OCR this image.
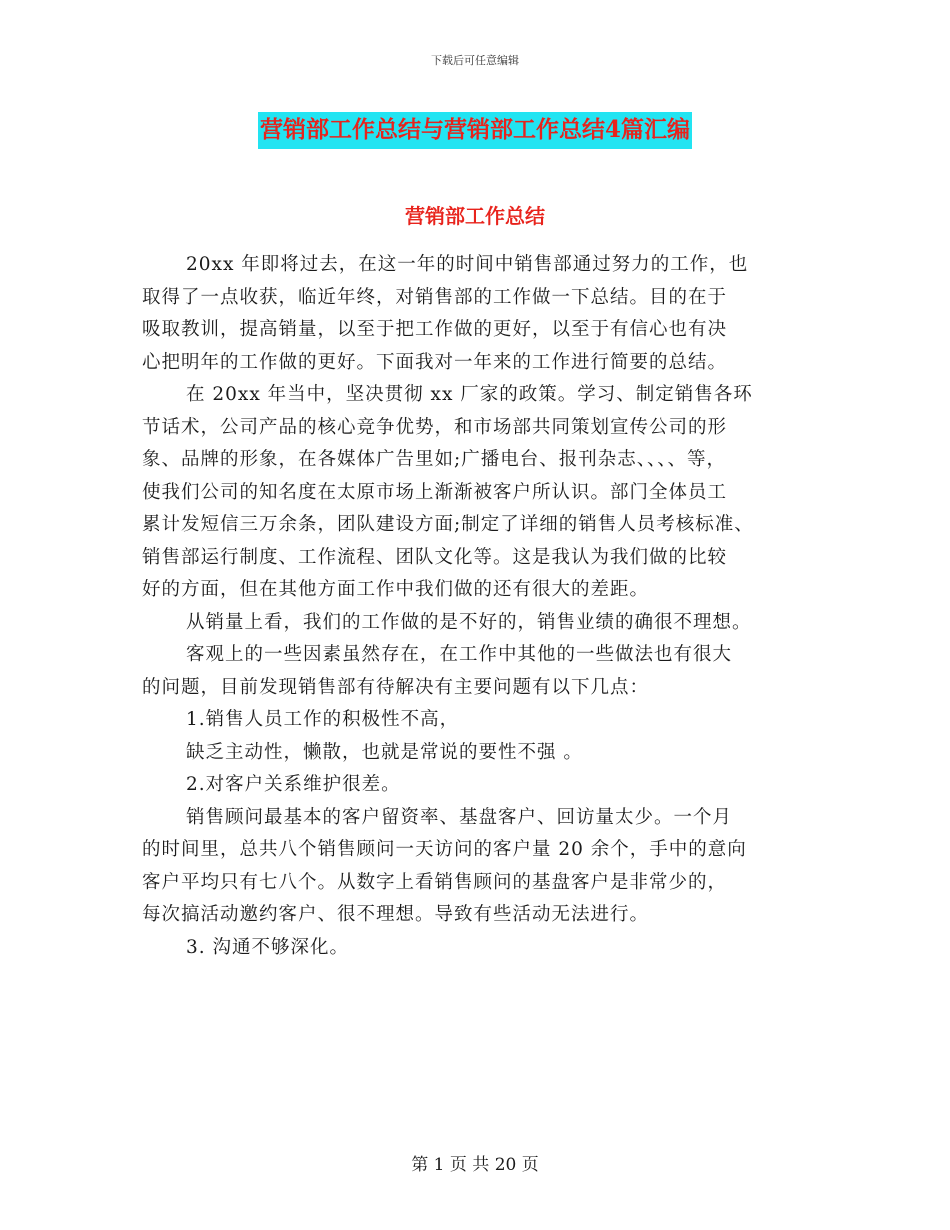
下载后可任意编辑
营销部工作总结与营销部工作总结4篇汇编
营销部工作总结
20xx 年即将过去，在这一年的时间中销售部通过努力的工作，也
取得了一点收获，临近年终，对销售部的工作做一下总结。目的在于
吸取教训，提高销量，以至于把工作做的更好，以至于有信心也有决
心把明年的工作做的更好。下面我对一年来的工作进行简要的总结。
在 20xx 年当中，坚决贯彻 xx 厂家的政策。学习、制定销售各环
节话术，公司产品的核心竞争优势，和市场部共同策划宣传公司的形
象、品牌的形象，在各媒体广告里如;广播电台、报刊杂志、、、、等，
使我们公司的知名度在太原市场上渐渐被客户所认识。部门全体员工
累计发短信三万余条，团队建设方面;制定了详细的销售人员考核标准、
销售部运行制度、工作流程、团队文化等。这是我认为我们做的比较
好的方面，但在其他方面工作中我们做的还有很大的差距。
从销量上看，我们的工作做的是不好的，销售业绩的确很不理想。
客观上的一些因素虽然存在，在工作中其他的一些做法也有很大
的问题，目前发现销售部有待解决有主要问题有以下几点：
1.销售人员工作的积极性不高，
缺乏主动性，懒散，也就是常说的要性不强 。
2.对客户关系维护很差。
销售顾问最基本的客户留资率、基盘客户、回访量太少。一个月
的时间里，总共八个销售顾问一天访问的客户量 20 余个，手中的意向
客户平均只有七八个。从数字上看销售顾问的基盘客户是非常少的，
每次搞活动邀约客户、很不理想。导致有些活动无法进行。
3. 沟通不够深化。
第 1 页 共 20 页
